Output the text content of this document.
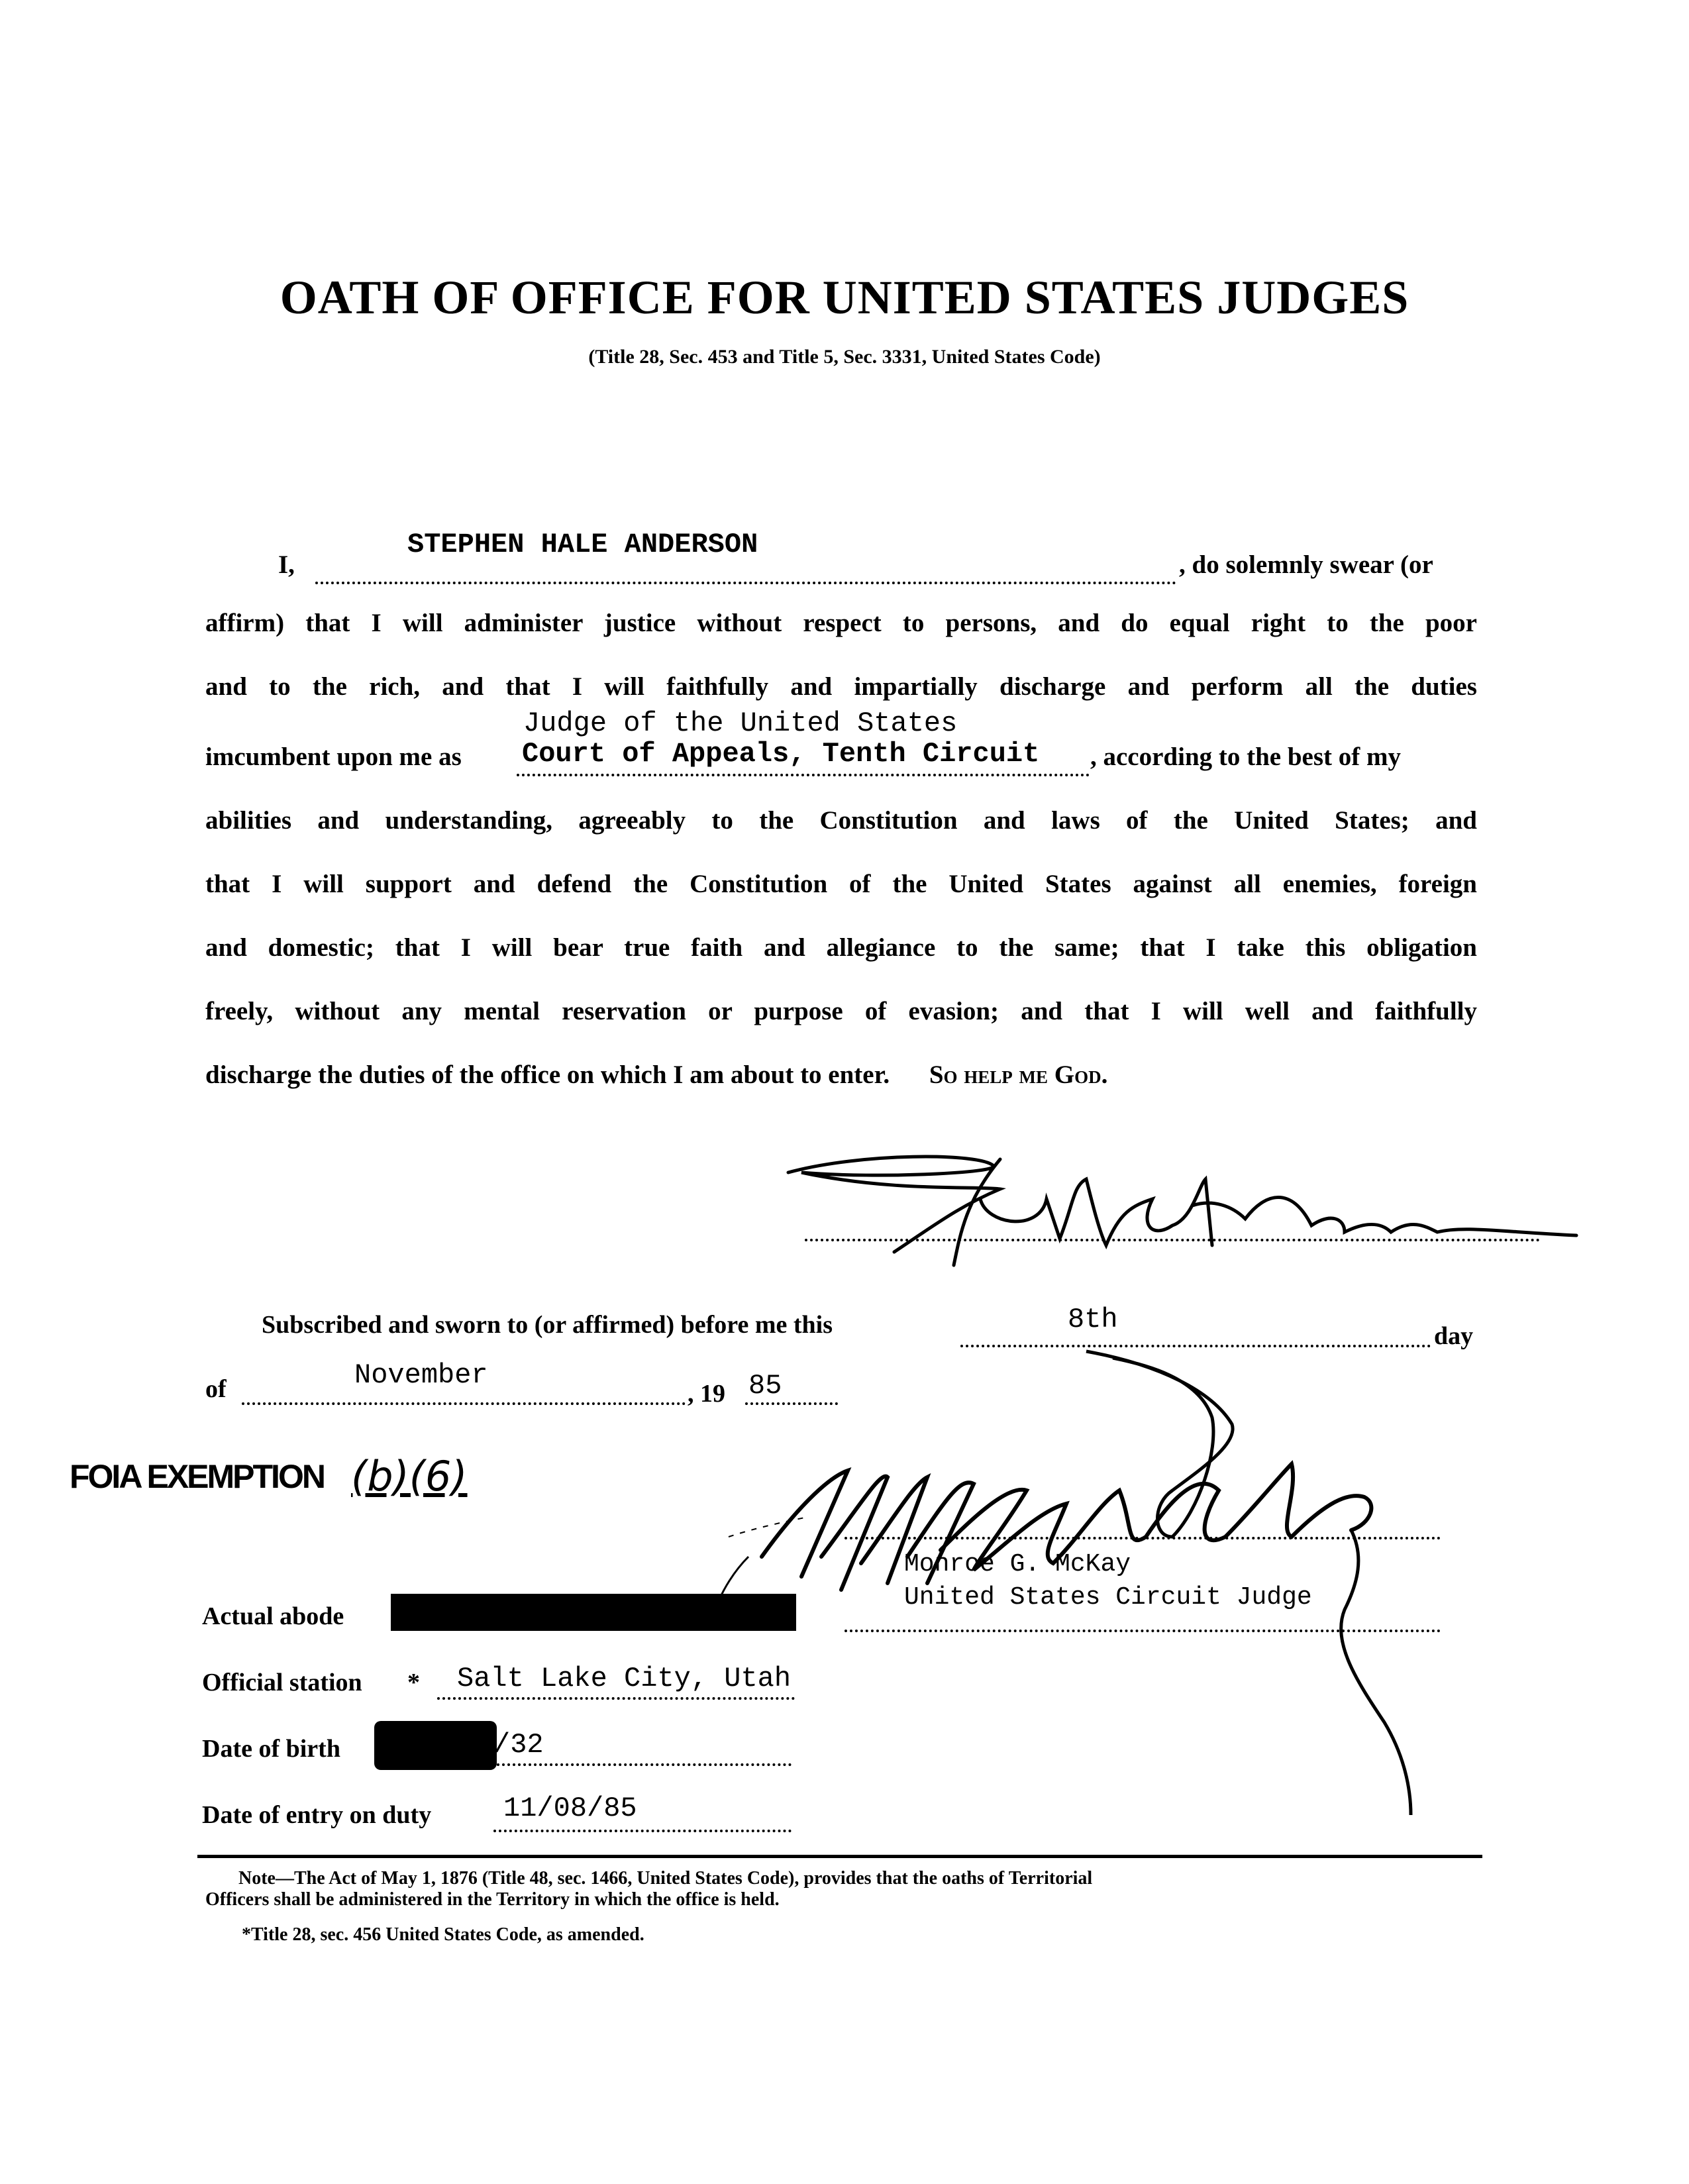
OATH OF OFFICE FOR UNITED STATES JUDGES
(Title 28, Sec. 453 and Title 5, Sec. 3331, United States Code)
I,
STEPHEN HALE ANDERSON
, do solemnly swear (or
affirm) that I will administer justice without respect to persons, and do equal right to the poor
and to the rich, and that I will faithfully and impartially discharge and perform all the duties
Judge of the United States
imcumbent upon me as Court of Appeals, Tenth Circuit , according to the best of my
abilities and understanding, agreeably to the Constitution and laws of the United States; and
that I will support and defend the Constitution of the United States against all enemies, foreign
and domestic; that I will bear true faith and allegiance to the same; that I take this obligation
freely, without any mental reservation or purpose of evasion; and that I will well and faithfully
discharge the duties of the office on which I am about to enter. So help me God.
Subscribed and sworn to (or affirmed) before me this	8th
day
of	November
, 19 85
FOIA EXEMPTION (b)(6)
Monroe G. McKay
United States Circuit Judge
Actual abode
Official station * Salt Lake City, Utah
Date of birth	/32
Date of entry on duty	11/08/85
Note—The Act of May 1, 1876 (Title 48, sec. 1466, United States Code), provides that the oaths of Territorial
Officers shall be administered in the Territory in which the office is held.
*Title 28, sec. 456 United States Code, as amended.
